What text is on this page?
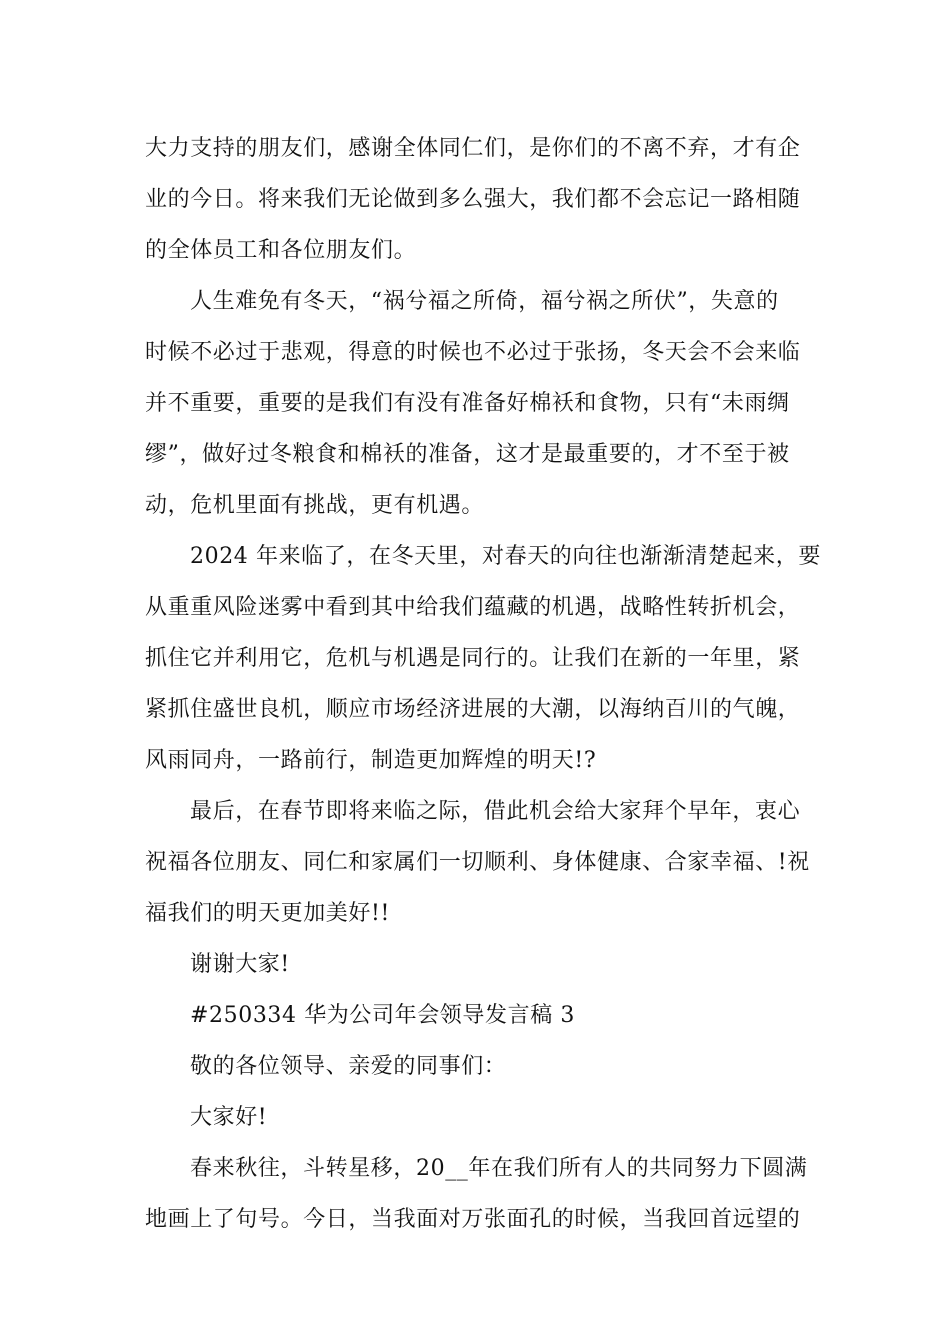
大力支持的朋友们，感谢全体同仁们，是你们的不离不弃，才有企
业的今日。将来我们无论做到多么强大，我们都不会忘记一路相随
的全体员工和各位朋友们。
人生难免有冬天，“祸兮福之所倚，福兮祸之所伏”，失意的
时候不必过于悲观，得意的时候也不必过于张扬，冬天会不会来临
并不重要，重要的是我们有没有准备好棉袄和食物，只有“未雨绸
缪”，做好过冬粮食和棉袄的准备，这才是最重要的，才不至于被
动，危机里面有挑战，更有机遇。
2024 年来临了，在冬天里，对春天的向往也渐渐清楚起来，要
从重重风险迷雾中看到其中给我们蕴藏的机遇，战略性转折机会，
抓住它并利用它，危机与机遇是同行的。让我们在新的一年里，紧
紧抓住盛世良机，顺应市场经济进展的大潮，以海纳百川的气魄，
风雨同舟，一路前行，制造更加辉煌的明天!?
最后，在春节即将来临之际，借此机会给大家拜个早年，衷心
祝福各位朋友、同仁和家属们一切顺利、身体健康、合家幸福、!祝
福我们的明天更加美好!!
谢谢大家!
#250334 华为公司年会领导发言稿 3
敬的各位领导、亲爱的同事们：
大家好!
春来秋往，斗转星移，20__年在我们所有人的共同努力下圆满
地画上了句号。今日，当我面对万张面孔的时候，当我回首远望的
